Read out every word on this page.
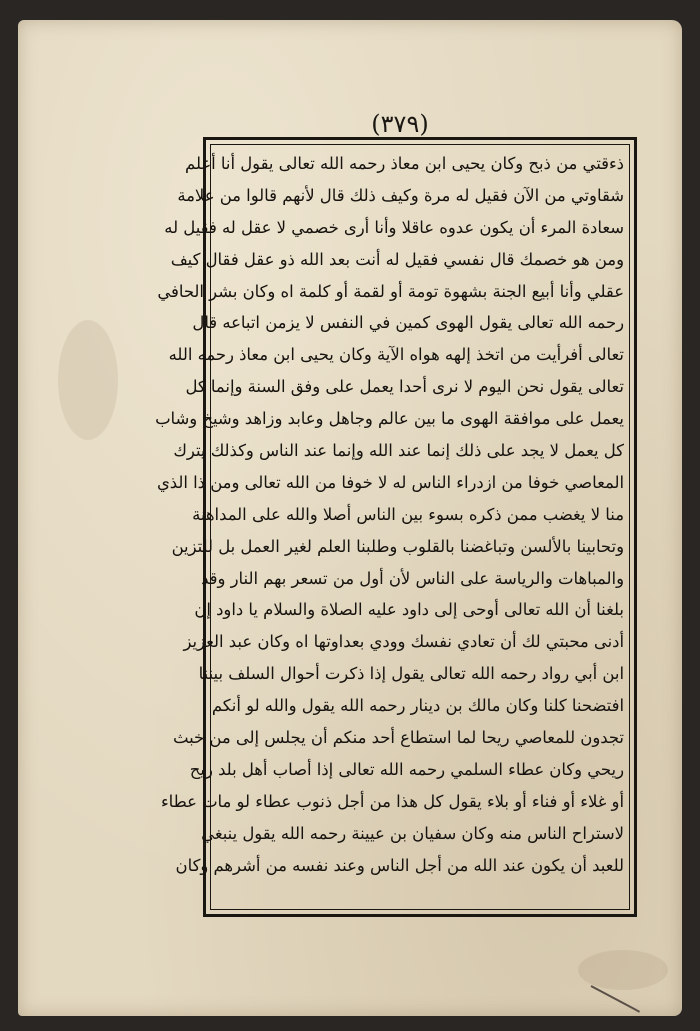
(٣٧٩)
ذءقتي من ذبح وكان يحيى ابن معاذ رحمه الله تعالى يقول أنا أعلم
شقاوتي من الآن فقيل له مرة وكيف ذلك قال لأنهم قالوا من علامة
سعادة المرء أن يكون عدوه عاقلا وأنا أرى خصمي لا عقل له فقيل له
ومن هو خصمك قال نفسي فقيل له أنت بعد الله ذو عقل فقال كيف
عقلي وأنا أبيع الجنة بشهوة تومة أو لقمة أو كلمة اه وكان بشر الحافي
رحمه الله تعالى يقول الهوى كمين في النفس لا يزمن اتباعه قال
تعالى أفرأيت من اتخذ إلهه هواه الآية وكان يحيى ابن معاذ رحمه الله
تعالى يقول نحن اليوم لا نرى أحدا يعمل على وفق السنة وإنما كل
يعمل على موافقة الهوى ما بين عالم وجاهل وعابد وزاهد وشيخ وشاب
كل يعمل لا يجد على ذلك إنما عند الله وإنما عند الناس وكذلك يترك
المعاصي خوفا من ازدراء الناس له لا خوفا من الله تعالى ومن ذا الذي
منا لا يغضب ممن ذكره بسوء بين الناس أصلا والله على المداهنة
وتحابينا بالألسن وتباغضنا بالقلوب وطلبنا العلم لغير العمل بل للتزين
والمباهات والرياسة على الناس لأن أول من تسعر بهم النار وقد
بلغنا أن الله تعالى أوحى إلى داود عليه الصلاة والسلام يا داود إن
أدنى محبتي لك أن تعادي نفسك وودي بعداوتها اه وكان عبد العزيز
ابن أبي رواد رحمه الله تعالى يقول إذا ذكرت أحوال السلف بيننا
افتضحنا كلنا وكان مالك بن دينار رحمه الله يقول والله لو أنكم
تجدون للمعاصي ريحا لما استطاع أحد منكم أن يجلس إلى من خبث
ريحي وكان عطاء السلمي رحمه الله تعالى إذا أصاب أهل بلد ريح
أو غلاء أو فناء أو بلاء يقول كل هذا من أجل ذنوب عطاء لو مات عطاء
لاستراح الناس منه وكان سفيان بن عيينة رحمه الله يقول ينبغي
للعبد أن يكون عند الله من أجل الناس وعند نفسه من أشرهم وكان
